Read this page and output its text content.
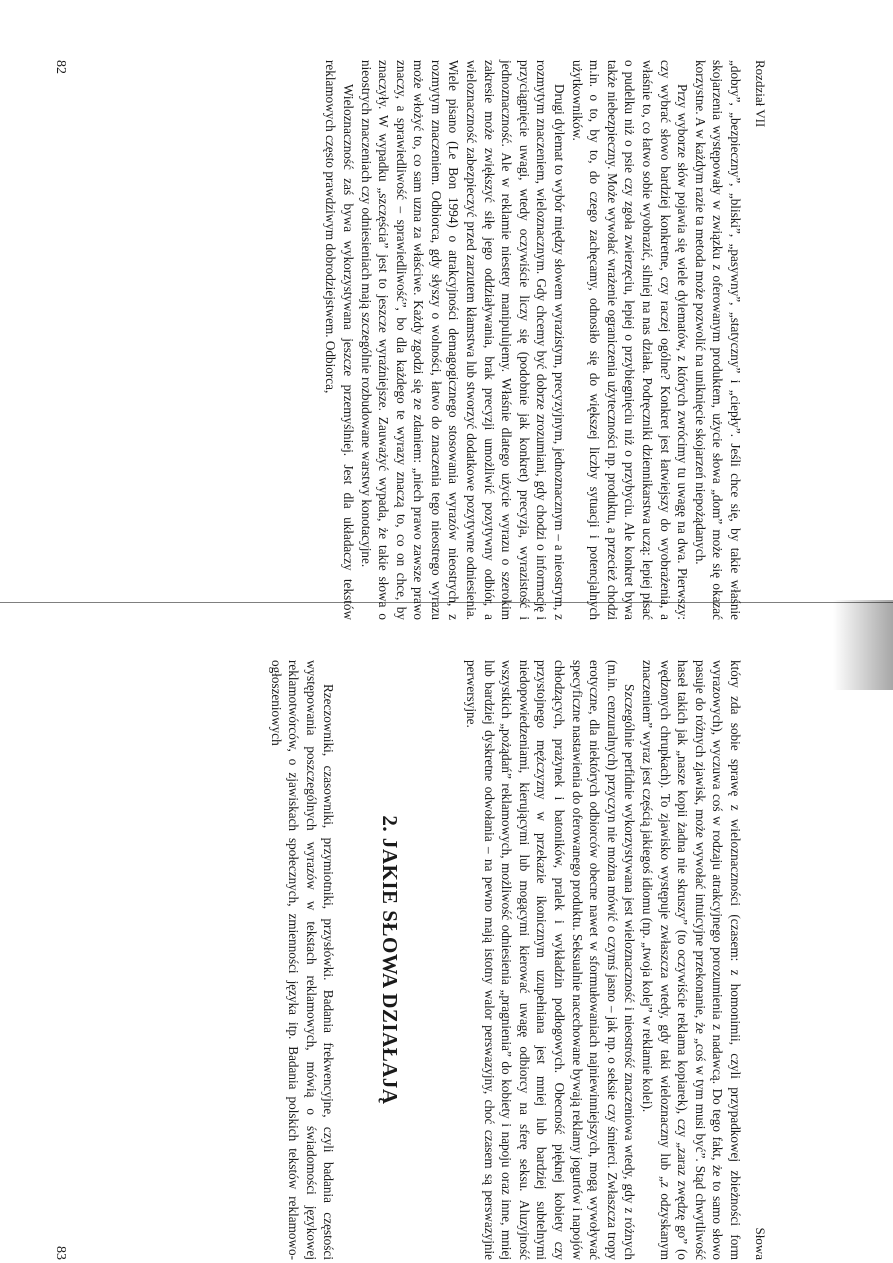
Rozdział VII

„dobry”, „bezpieczny”, „bliski”, „pasywny”, „statyczny” i „ciepły”. Jeśli chce się, by takie właśnie skojarzenia występowały w związku z oferowanym produktem, użycie słowa „dom” może się okazać korzystne. A w każdym razie ta metoda może pozwolić na uniknięcie skojarzeń niepożądanych.

Przy wyborze słów pojawia się wiele dylematów, z których zwrócimy tu uwagę na dwa. Pierwszy: czy wybrać słowo bardziej konkretne, czy raczej ogólne? Konkret jest łatwiejszy do wyobrażenia, a właśnie to, co łatwo sobie wyobrazić, silniej na nas działa. Podręczniki dziennikarstwa uczą: lepiej pisać o pudelku niż o psie czy zgoła zwierzęciu, lepiej o przybiegnięciu niż o przybyciu. Ale konkret bywa także niebezpieczny. Może wywołać wrażenie ograniczenia użyteczności np. produktu, a przecież chodzi m.in. o to, by to, do czego zachęcamy, odnosiło się do większej liczby sytuacji i potencjalnych użytkowników.

Drugi dylemat to wybór między słowem wyrazistym, precyzyjnym, jednoznacznym – a nieostrym, z rozmytym znaczeniem, wieloznacznym. Gdy chcemy być dobrze zrozumiani, gdy chodzi o informację i przyciągnięcie uwagi, wtedy oczywiście liczy się (podobnie jak konkret) precyzja, wyrazistość i jednoznaczność. Ale w reklamie niestety manipulujemy. Właśnie dlatego użycie wyrazu o szerokim zakresie może zwiększyć siłę jego oddziaływania, brak precyzji umożliwić pozytywny odbiór, a wieloznaczność zabezpieczyć przed zarzutem kłamstwa lub stworzyć dodatkowe pozytywne odniesienia. Wiele pisano (Le Bon 1994) o atrakcyjności demagogicznego stosowania wyrazów nieostrych, z rozmytym znaczeniem. Odbiorca, gdy słyszy o wolności, łatwo do znaczenia tego nieostrego wyrazu może włożyć to, co sam uzna za właściwe. Każdy zgodzi się ze zdaniem: „niech prawo zawsze prawo znaczy, a sprawiedliwość – sprawiedliwość”, bo dla każdego te wyrazy znaczą to, co on chce, by znaczyły. W wypadku „szczęścia” jest to jeszcze wyraźniejsze. Zauważyć wypada, że takie słowa o nieostrych znaczeniach czy odniesieniach mają szczególnie rozbudowane warstwy konotacyjne.

Wieloznaczność zaś bywa wykorzystywana jeszcze przemyślniej. Jest dla układaczy tekstów reklamowych często prawdziwym dobrodziejstwem. Odbiorca,

82
Słowa

który zda sobie sprawę z wieloznaczności (czasem: z homonimii, czyli przypadkowej zbieżności form wyrazowych), wyczuwa coś w rodzaju atrakcyjnego porozumienia z nadawcą. Do tego fakt, że to samo słowo pasuje do różnych zjawisk, może wywołać intuicyjne przekonanie, że „coś w tym musi być”. Stąd chwytliwość haseł takich jak „nasze kopii żadna nie skruszy” (to oczywiście reklama kopiarek), czy „zaraz zwędzę go” (o wędzonych chrupkach). To zjawisko występuje zwłaszcza wtedy, gdy taki wieloznaczny lub „z odzyskanym znaczeniem” wyraz jest częścią jakiegoś idiomu (np. „twoja kolej” w reklamie kolei).

Szczególnie perfidnie wykorzystywana jest wieloznaczność i nieostrość znaczeniowa wtedy, gdy z różnych (m.in. cenzuralnych) przyczyn nie można mówić o czymś jasno – jak np. o seksie czy śmierci. Zwłaszcza tropy erotyczne, dla niektórych odbiorców obecne nawet w sformułowaniach najniewinniejszych, mogą wywoływać specyficzne nastawienia do oferowanego produktu. Seksualnie nacechowane bywają reklamy jogurtów i napojów chłodzących, prażynek i batoników, pralek i wykładzin podłogowych. Obecność pięknej kobiety czy przystojnego mężczyzny w przekazie ikonicznym uzupełniana jest mniej lub bardziej subtelnymi niedopowiedzeniami, kierującymi lub mogącymi kierować uwagę odbiorcy na sferę seksu. Aluzyjność wszystkich „pożądań” reklamowych, możliwość odniesienia „pragnienia” do kobiety i napoju oraz inne, mniej lub bardziej dyskretne odwołania – na pewno mają istotny walor perswazyjny, choć czasem są perswazyjnie perwersyjne.

2. JAKIE SŁOWA DZIAŁAJĄ

Rzeczowniki, czasowniki, przymiotniki, przysłówki. Badania frekwencyjne, czyli badania częstości występowania poszczególnych wyrazów w tekstach reklamowych, mówią o świadomości językowej reklamotwórców, o zjawiskach społecznych, zmienności języka itp. Badania polskich tekstów reklamowo-ogłoszeniowych

83
